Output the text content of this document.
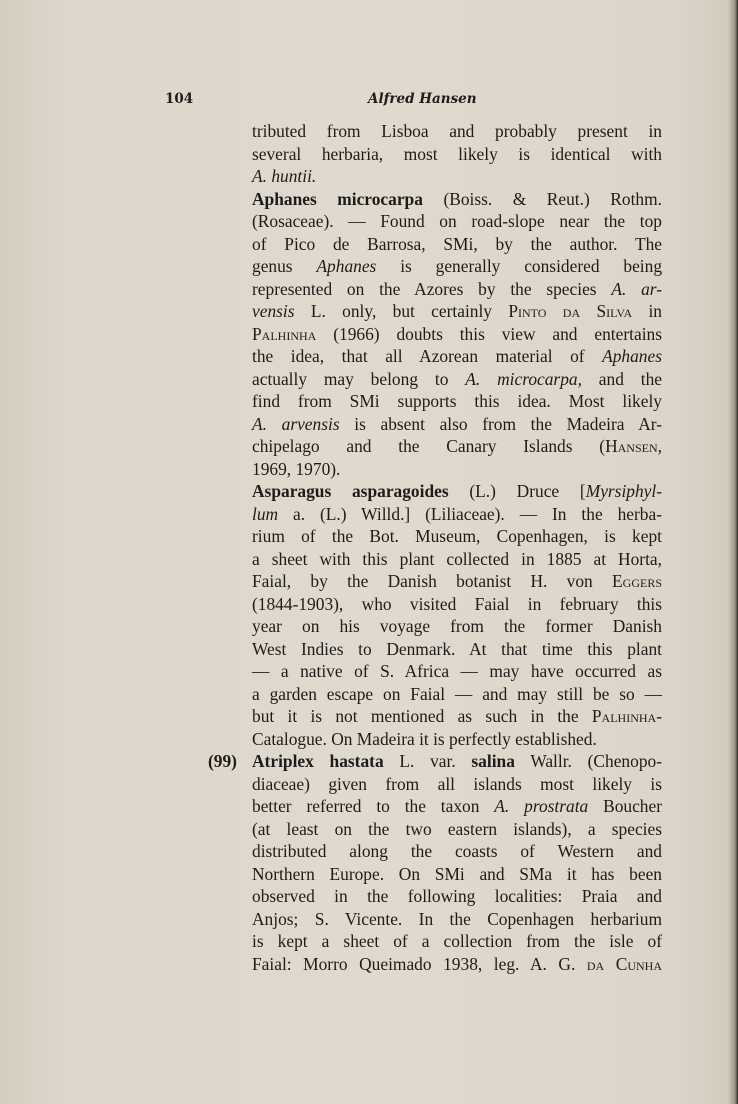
104	Alfred Hansen
tributed from Lisboa and probably present in
several herbaria, most likely is identical with
A. huntii.
Aphanes microcarpa (Boiss. & Reut.) Rothm.
(Rosaceae). — Found on road-slope near the top
of Pico de Barrosa, SMi, by the author. The
genus Aphanes is generally considered being
represented on the Azores by the species A. ar-
vensis L. only, but certainly Pinto da Silva in
Palhinha (1966) doubts this view and entertains
the idea, that all Azorean material of Aphanes
actually may belong to A. microcarpa, and the
find from SMi supports this idea. Most likely
A. arvensis is absent also from the Madeira Ar-
chipelago and the Canary Islands (Hansen,
1969, 1970).
Asparagus asparagoides (L.) Druce [Myrsiphyl-
lum a. (L.) Willd.] (Liliaceae). — In the herba-
rium of the Bot. Museum, Copenhagen, is kept
a sheet with this plant collected in 1885 at Horta,
Faial, by the Danish botanist H. von Eggers
(1844-1903), who visited Faial in february this
year on his voyage from the former Danish
West Indies to Denmark. At that time this plant
— a native of S. Africa — may have occurred as
a garden escape on Faial — and may still be so —
but it is not mentioned as such in the Palhinha-
Catalogue. On Madeira it is perfectly established.
(99) Atriplex hastata L. var. salina Wallr. (Chenopo-
diaceae) given from all islands most likely is
better referred to the taxon A. prostrata Boucher
(at least on the two eastern islands), a species
distributed along the coasts of Western and
Northern Europe. On SMi and SMa it has been
observed in the following localities: Praia and
Anjos; S. Vicente. In the Copenhagen herbarium
is kept a sheet of a collection from the isle of
Faial: Morro Queimado 1938, leg. A. G. da Cunha
